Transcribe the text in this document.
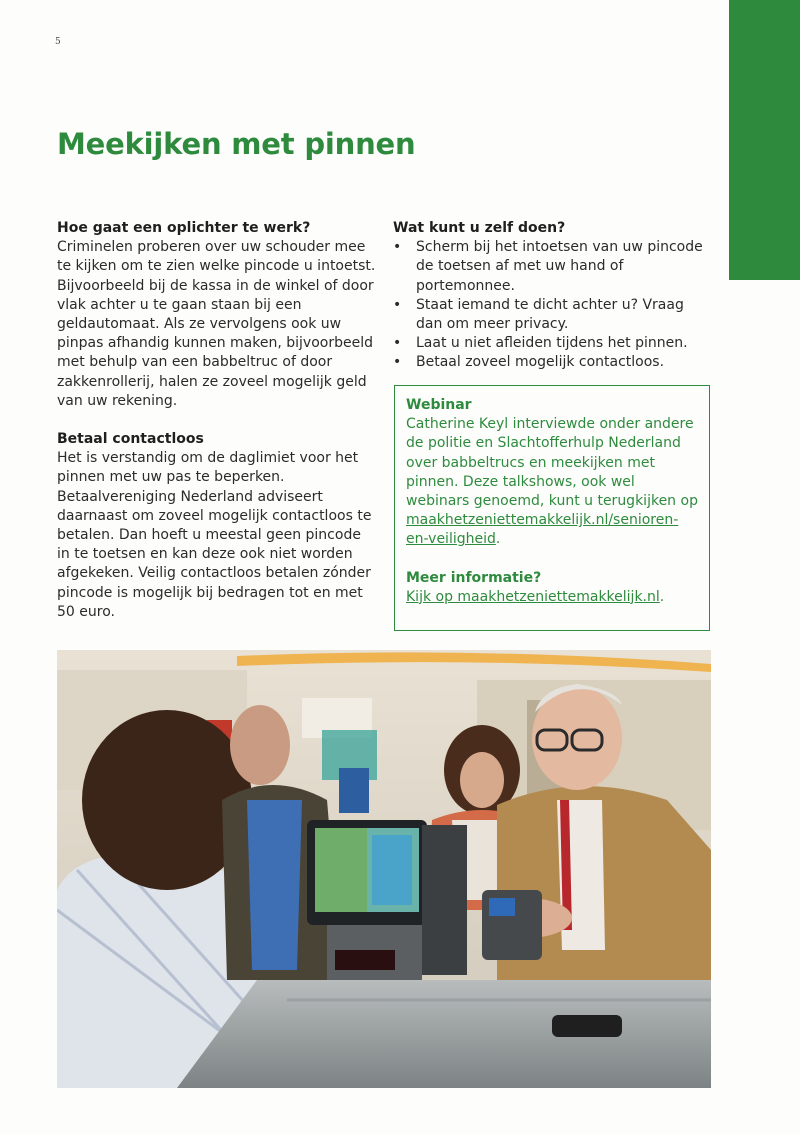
5
Meekijken met pinnen
Hoe gaat een oplichter te werk?

Criminelen proberen over uw schouder mee te kijken om te zien welke pincode u intoetst. Bijvoorbeeld bij de kassa in de winkel of door vlak achter u te gaan staan bij een geldautomaat. Als ze vervolgens ook uw pinpas afhandig kunnen maken, bijvoorbeeld met behulp van een babbeltruc of door zakkenrollerij, halen ze zoveel mogelijk geld van uw rekening.

Betaal contactloos

Het is verstandig om de daglimiet voor het pinnen met uw pas te beperken. Betaalvereniging Nederland adviseert daarnaast om zoveel mogelijk contactloos te betalen. Dan hoeft u meestal geen pincode in te toetsen en kan deze ook niet worden afgekeken. Veilig contactloos betalen zónder pincode is mogelijk bij bedragen tot en met 50 euro.

Wat kunt u zelf doen?
• Scherm bij het intoetsen van uw pincode de toetsen af met uw hand of portemonnee.
• Staat iemand te dicht achter u? Vraag dan om meer privacy.
• Laat u niet afleiden tijdens het pinnen.
• Betaal zoveel mogelijk contactloos.
Webinar

Catherine Keyl interviewde onder andere de politie en Slachtofferhulp Nederland over babbeltrucs en meekijken met pinnen. Deze talkshows, ook wel webinars genoemd, kunt u terugkijken op maakhetzeniettemakkelijk.nl/senioren-en-veiligheid.

Meer informatie?

Kijk op maakhetzeniettemakkelijk.nl.
